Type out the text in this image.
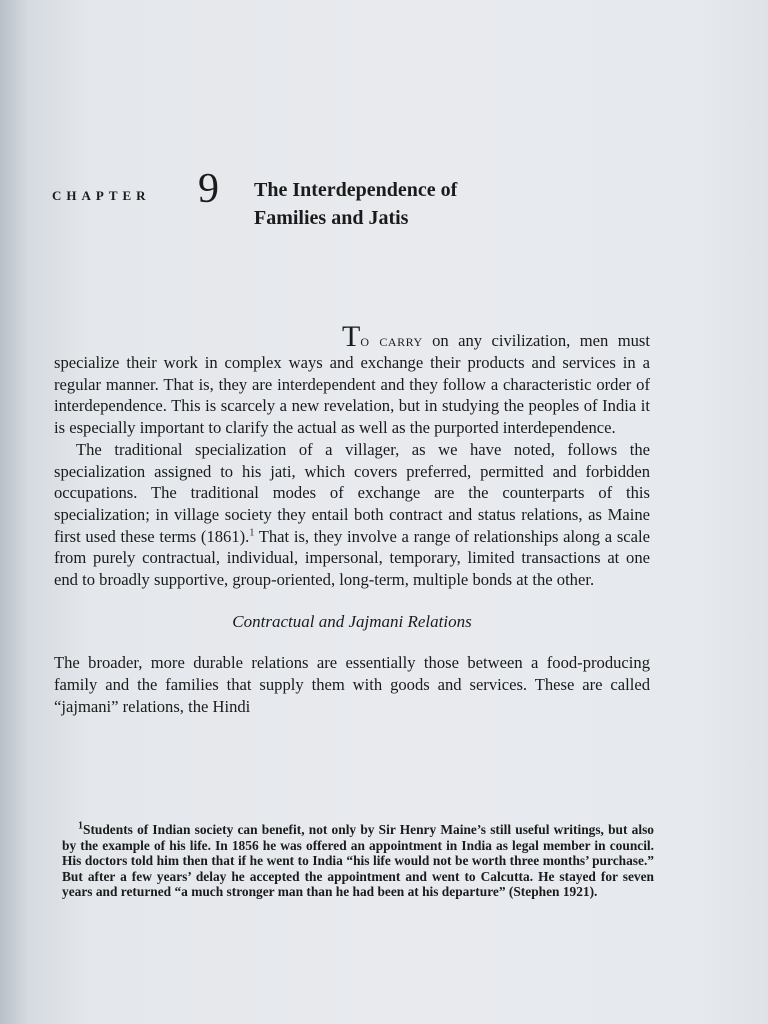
CHAPTER 9 The Interdependence of
Families and Jatis

To carry on any civilization, men must specialize their work in complex ways and exchange their products and services in a regular manner. That is, they are interdependent and they follow a characteristic order of interdependence. This is scarcely a new revelation, but in studying the peoples of India it is especially important to clarify the actual as well as the purported interdependence.

The traditional specialization of a villager, as we have noted, follows the specialization assigned to his jati, which covers preferred, permitted and forbidden occupations. The traditional modes of exchange are the counterparts of this specialization; in village society they entail both contract and status relations, as Maine first used these terms (1861).$^1$ That is, they involve a range of relationships along a scale from purely contractual, individual, impersonal, temporary, limited transactions at one end to broadly supportive, group-oriented, long-term, multiple bonds at the other.

Contractual and Jajmani Relations

The broader, more durable relations are essentially those between a food-producing family and the families that supply them with goods and services. These are called “jajmani” relations, the Hindi

$^1$Students of Indian society can benefit, not only by Sir Henry Maine’s still useful writings, but also by the example of his life. In 1856 he was offered an appointment in India as legal member in council. His doctors told him then that if he went to India “his life would not be worth three months’ purchase.” But after a few years’ delay he accepted the appointment and went to Calcutta. He stayed for seven years and returned “a much stronger man than he had been at his departure” (Stephen 1921).
